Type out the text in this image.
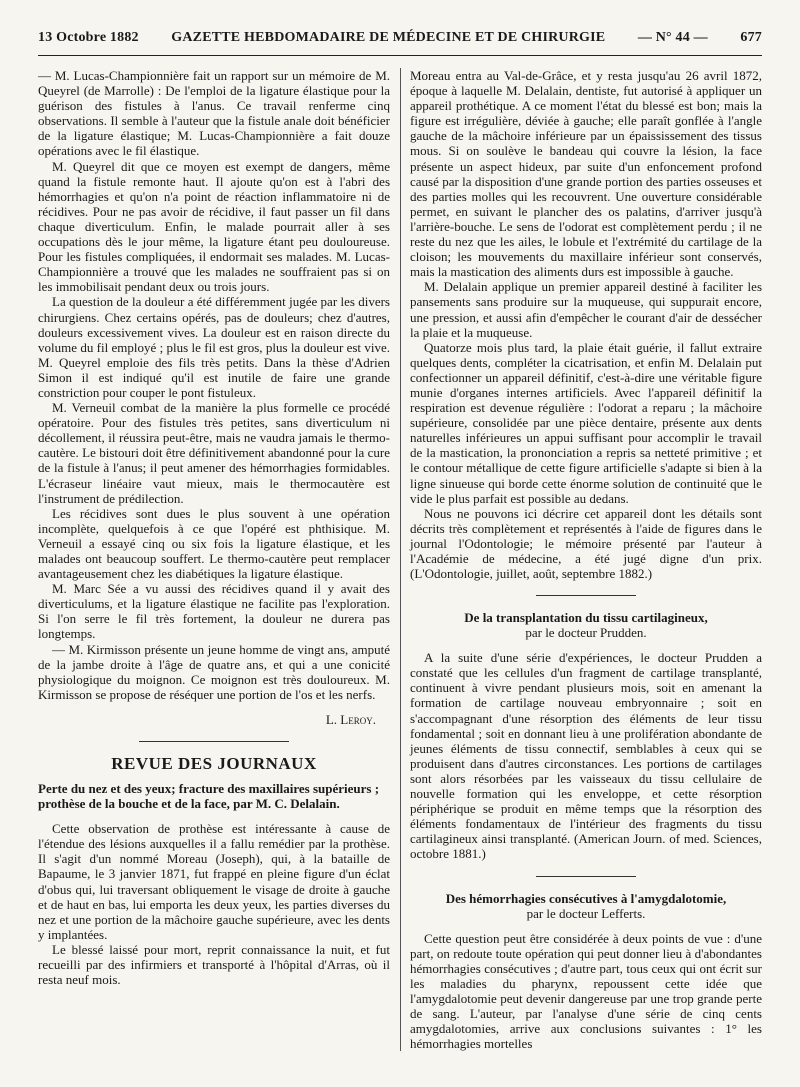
13 Octobre 1882 GAZETTE HEBDOMADAIRE DE MÉDECINE ET DE CHIRURGIE — N° 44 — 677

— M. Lucas-Championnière fait un rapport sur un mémoire de M. Queyrel (de Marrolle) : De l'emploi de la ligature élastique pour la guérison des fistules à l'anus. Ce travail renferme cinq observations. Il semble à l'auteur que la fistule anale doit bénéficier de la ligature élastique; M. Lucas-Championnière a fait douze opérations avec le fil élastique.

M. Queyrel dit que ce moyen est exempt de dangers, même quand la fistule remonte haut. Il ajoute qu'on est à l'abri des hémorrhagies et qu'on n'a point de réaction inflammatoire ni de récidives. Pour ne pas avoir de récidive, il faut passer un fil dans chaque diverticulum. Enfin, le malade pourrait aller à ses occupations dès le jour même, la ligature étant peu douloureuse. Pour les fistules compliquées, il endormait ses malades. M. Lucas-Championnière a trouvé que les malades ne souffraient pas si on les immobilisait pendant deux ou trois jours.

La question de la douleur a été différemment jugée par les divers chirurgiens. Chez certains opérés, pas de douleurs; chez d'autres, douleurs excessivement vives. La douleur est en raison directe du volume du fil employé ; plus le fil est gros, plus la douleur est vive. M. Queyrel emploie des fils très petits. Dans la thèse d'Adrien Simon il est indiqué qu'il est inutile de faire une grande constriction pour couper le pont fistuleux.

M. Verneuil combat de la manière la plus formelle ce procédé opératoire. Pour des fistules très petites, sans diverticulum ni décollement, il réussira peut-être, mais ne vaudra jamais le thermo-cautère. Le bistouri doit être définitivement abandonné pour la cure de la fistule à l'anus; il peut amener des hémorrhagies formidables. L'écraseur linéaire vaut mieux, mais le thermocautère est l'instrument de prédilection.

Les récidives sont dues le plus souvent à une opération incomplète, quelquefois à ce que l'opéré est phthisique. M. Verneuil a essayé cinq ou six fois la ligature élastique, et les malades ont beaucoup souffert. Le thermo-cautère peut remplacer avantageusement chez les diabétiques la ligature élastique.

M. Marc Sée a vu aussi des récidives quand il y avait des diverticulums, et la ligature élastique ne facilite pas l'exploration. Si l'on serre le fil très fortement, la douleur ne durera pas longtemps.

— M. Kirmisson présente un jeune homme de vingt ans, amputé de la jambe droite à l'âge de quatre ans, et qui a une conicité physiologique du moignon. Ce moignon est très douloureux. M. Kirmisson se propose de réséquer une portion de l'os et les nerfs.

L. Leroy.
REVUE DES JOURNAUX
Perte du nez et des yeux; fracture des maxillaires supérieurs ; prothèse de la bouche et de la face, par M. C. Delalain.

Cette observation de prothèse est intéressante à cause de l'étendue des lésions auxquelles il a fallu remédier par la prothèse. Il s'agit d'un nommé Moreau (Joseph), qui, à la bataille de Bapaume, le 3 janvier 1871, fut frappé en pleine figure d'un éclat d'obus qui, lui traversant obliquement le visage de droite à gauche et de haut en bas, lui emporta les deux yeux, les parties diverses du nez et une portion de la mâchoire gauche supérieure, avec les dents y implantées.

Le blessé laissé pour mort, reprit connaissance la nuit, et fut recueilli par des infirmiers et transporté à l'hôpital d'Arras, où il resta neuf mois.

Moreau entra au Val-de-Grâce, et y resta jusqu'au 26 avril 1872, époque à laquelle M. Delalain, dentiste, fut autorisé à appliquer un appareil prothétique. A ce moment l'état du blessé est bon; mais la figure est irrégulière, déviée à gauche; elle paraît gonflée à l'angle gauche de la mâchoire inférieure par un épaississement des tissus mous. Si on soulève le bandeau qui couvre la lésion, la face présente un aspect hideux, par suite d'un enfoncement profond causé par la disposition d'une grande portion des parties osseuses et des parties molles qui les recouvrent. Une ouverture considérable permet, en suivant le plancher des os palatins, d'arriver jusqu'à l'arrière-bouche. Le sens de l'odorat est complètement perdu ; il ne reste du nez que les ailes, le lobule et l'extrémité du cartilage de la cloison; les mouvements du maxillaire inférieur sont conservés, mais la mastication des aliments durs est impossible à gauche.

M. Delalain applique un premier appareil destiné à faciliter les pansements sans produire sur la muqueuse, qui suppurait encore, une pression, et aussi afin d'empêcher le courant d'air de dessécher la plaie et la muqueuse.

Quatorze mois plus tard, la plaie était guérie, il fallut extraire quelques dents, compléter la cicatrisation, et enfin M. Delalain put confectionner un appareil définitif, c'est-à-dire une véritable figure munie d'organes internes artificiels. Avec l'appareil définitif la respiration est devenue régulière : l'odorat a reparu ; la mâchoire supérieure, consolidée par une pièce dentaire, présente aux dents naturelles inférieures un appui suffisant pour accomplir le travail de la mastication, la prononciation a repris sa netteté primitive ; et le contour métallique de cette figure artificielle s'adapte si bien à la ligne sinueuse qui borde cette énorme solution de continuité que le vide le plus parfait est possible au dedans.

Nous ne pouvons ici décrire cet appareil dont les détails sont décrits très complètement et représentés à l'aide de figures dans le journal l'Odontologie; le mémoire présenté par l'auteur à l'Académie de médecine, a été jugé digne d'un prix. (L'Odontologie, juillet, août, septembre 1882.)

De la transplantation du tissu cartilagineux,
par le docteur Prudden.

A la suite d'une série d'expériences, le docteur Prudden a constaté que les cellules d'un fragment de cartilage transplanté, continuent à vivre pendant plusieurs mois, soit en amenant la formation de cartilage nouveau embryonnaire ; soit en s'accompagnant d'une résorption des éléments de leur tissu fondamental ; soit en donnant lieu à une prolifération abondante de jeunes éléments de tissu connectif, semblables à ceux qui se produisent dans d'autres circonstances. Les portions de cartilages sont alors résorbées par les vaisseaux du tissu cellulaire de nouvelle formation qui les enveloppe, et cette résorption périphérique se produit en même temps que la résorption des éléments fondamentaux de l'intérieur des fragments du tissu cartilagineux ainsi transplanté. (American Journ. of med. Sciences, octobre 1881.)

Des hémorrhagies consécutives à l'amygdalotomie,
par le docteur Lefferts.

Cette question peut être considérée à deux points de vue : d'une part, on redoute toute opération qui peut donner lieu à d'abondantes hémorrhagies consécutives ; d'autre part, tous ceux qui ont écrit sur les maladies du pharynx, repoussent cette idée que l'amygdalotomie peut devenir dangereuse par une trop grande perte de sang. L'auteur, par l'analyse d'une série de cinq cents amygdalotomies, arrive aux conclusions suivantes : 1° les hémorrhagies mortelles
